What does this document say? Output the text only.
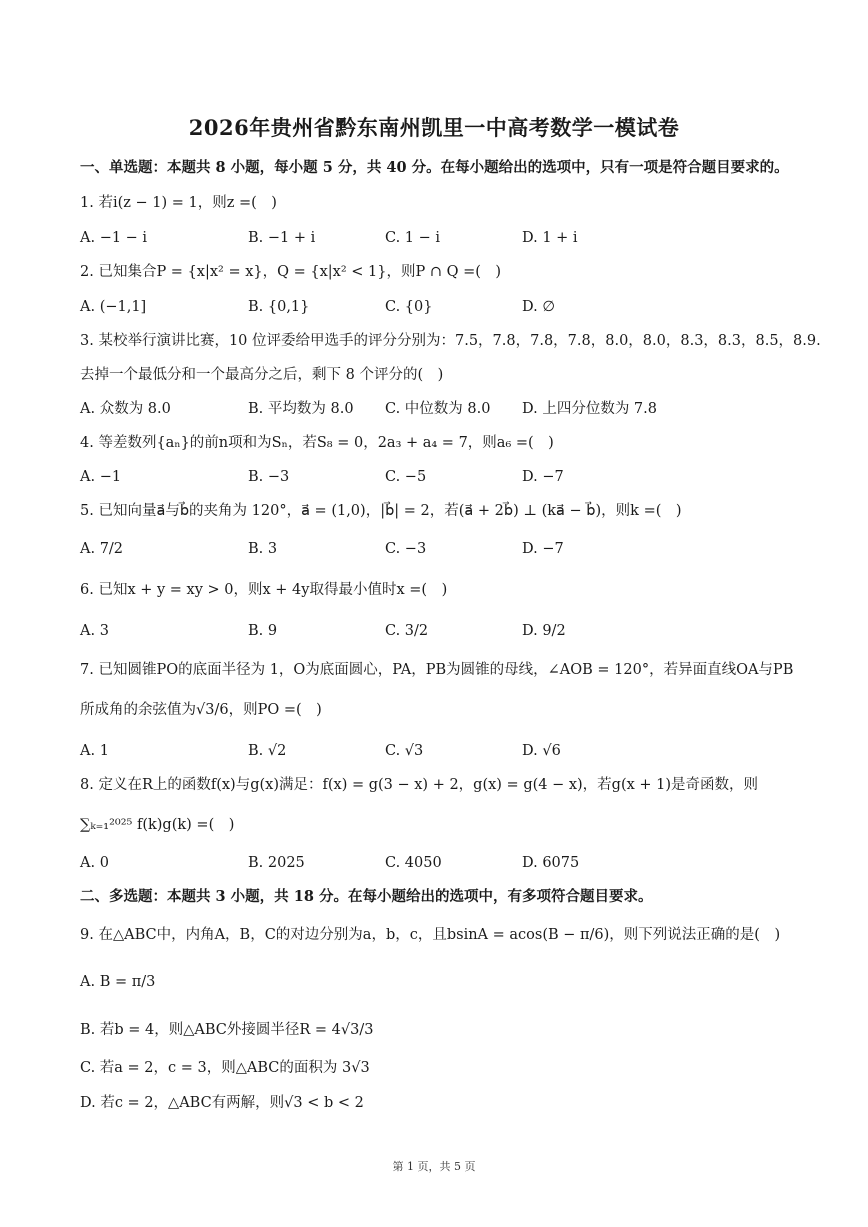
2026年贵州省黔东南州凯里一中高考数学一模试卷
一、单选题：本题共 8 小题，每小题 5 分，共 40 分。在每小题给出的选项中，只有一项是符合题目要求的。
1. 若i(z − 1) = 1，则z =(　)
A. −1 − i	B. −1 + i	C. 1 − i	D. 1 + i
2. 已知集合P = {x|x² = x}，Q = {x|x² < 1}，则P ∩ Q =(　)
A. (−1,1]	B. {0,1}	C. {0}	D. ∅
3. 某校举行演讲比赛，10 位评委给甲选手的评分分别为：7.5，7.8，7.8，7.8，8.0，8.0，8.3，8.3，8.5，8.9.
去掉一个最低分和一个最高分之后，剩下 8 个评分的(　)
A. 众数为 8.0	B. 平均数为 8.0 C. 中位数为 8.0 D. 上四分位数为 7.8
4. 等差数列{aₙ}的前n项和为Sₙ，若S₈ = 0，2a₃ + a₄ = 7，则a₆ =(　)
A. −1	B. −3	C. −5	D. −7
5. 已知向量a⃗与b⃗的夹角为 120°，a⃗ = (1,0)，|b⃗| = 2，若(a⃗ + 2b⃗) ⊥ (ka⃗ − b⃗)，则k =(　)
A. 7/2	B. 3	C. −3	D. −7
6. 已知x + y = xy > 0，则x + 4y取得最小值时x =(　)
A. 3	B. 9	C. 3/2	D. 9/2
7. 已知圆锥PO的底面半径为 1，O为底面圆心，PA，PB为圆锥的母线，∠AOB = 120°，若异面直线OA与PB
所成角的余弦值为√3/6，则PO =(　)
A. 1	B. √2	C. √3	D. √6
8. 定义在R上的函数f(x)与g(x)满足：f(x) = g(3 − x) + 2，g(x) = g(4 − x)，若g(x + 1)是奇函数，则
∑ₖ₌₁²⁰²⁵ f(k)g(k) =(　)
A. 0	B. 2025	C. 4050	D. 6075
二、多选题：本题共 3 小题，共 18 分。在每小题给出的选项中，有多项符合题目要求。
9. 在△ABC中，内角A，B，C的对边分别为a，b，c，且bsinA = acos(B − π/6)，则下列说法正确的是(　)
A. B = π/3
B. 若b = 4，则△ABC外接圆半径R = 4√3/3
C. 若a = 2，c = 3，则△ABC的面积为 3√3
D. 若c = 2，△ABC有两解，则√3 < b < 2
第 1 页，共 5 页
